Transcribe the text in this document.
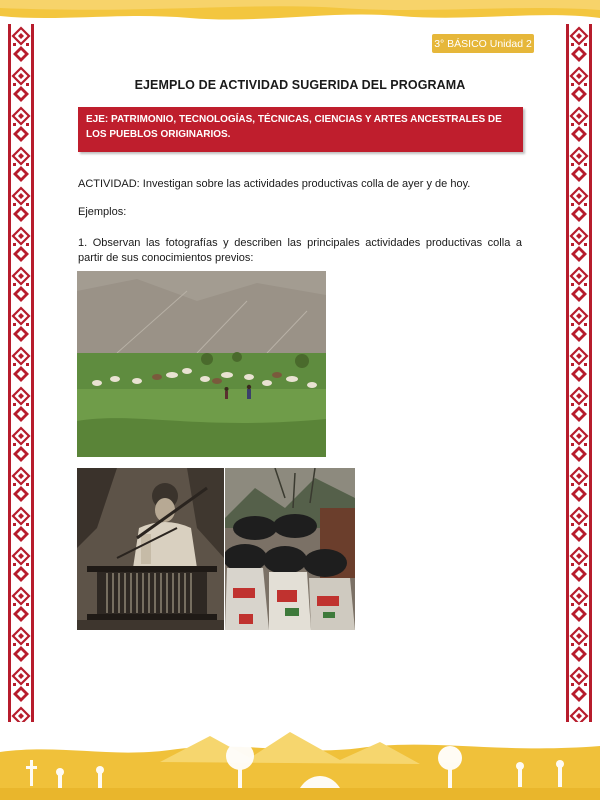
3° BÁSICO Unidad 2
EJEMPLO DE ACTIVIDAD SUGERIDA DEL PROGRAMA
EJE: PATRIMONIO, TECNOLOGÍAS, TÉCNICAS, CIENCIAS Y ARTES ANCESTRALES DE LOS PUEBLOS ORIGINARIOS.
ACTIVIDAD: Investigan sobre las actividades productivas colla de ayer y de hoy.
Ejemplos:
1. Observan las fotografías y describen las principales actividades productivas colla a partir de sus conocimientos previos:
